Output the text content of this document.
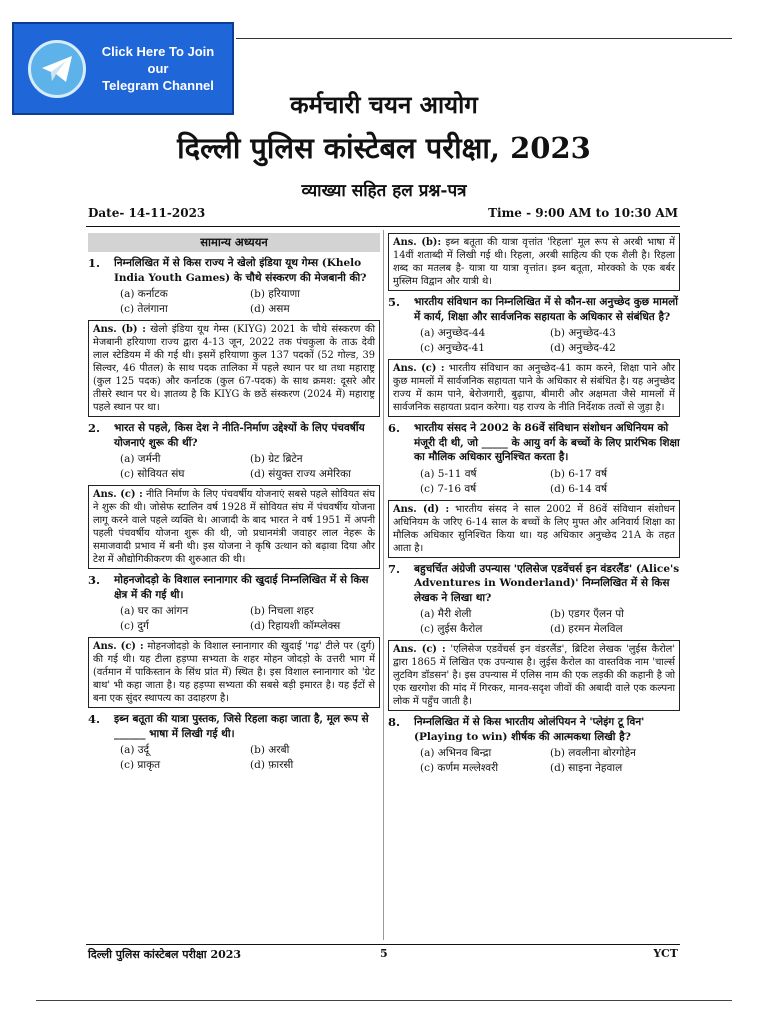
Click Here To Join our
Telegram Channel
कर्मचारी चयन आयोग
दिल्ली पुलिस कांस्टेबल परीक्षा, 2023
व्याख्या सहित हल प्रश्न-पत्र
Date- 14-11-2023	Time - 9:00 AM to 10:30 AM
सामान्य अध्ययन
1.	निम्नलिखित में से किस राज्य ने खेलो इंडिया यूथ गेम्स (Khelo India Youth Games) के चौथे संस्करण की मेजबानी की?
(a) कर्नाटक	(b) हरियाणा
(c) तेलंगाना	(d) असम
Ans. (b) : खेलो इंडिया यूथ गेम्स (KIYG) 2021 के चौथे संस्करण की मेजबानी हरियाणा राज्य द्वारा 4-13 जून, 2022 तक पंचकुला के ताऊ देवी लाल स्टेडियम में की गई थी। इसमें हरियाणा कुल 137 पदकों (52 गोल्ड, 39 सिल्वर, 46 पीतल) के साथ पदक तालिका में पहले स्थान पर था तथा महाराष्ट्र (कुल 125 पदक) और कर्नाटक (कुल 67-पदक) के साथ क्रमश: दूसरे और तीसरे स्थान पर थे। ज्ञातव्य है कि KIYG के छठें संस्करण (2024 में) महाराष्ट्र पहले स्थान पर था।
2.	भारत से पहले, किस देश ने नीति-निर्माण उद्देश्यों के लिए पंचवर्षीय योजनाएं शुरू की थीं?
(a) जर्मनी	(b) ग्रेट ब्रिटेन
(c) सोवियत संघ	(d) संयुक्त राज्य अमेरिका
Ans. (c) : नीति निर्माण के लिए पंचवर्षीय योजनाएं सबसे पहले सोवियत संघ ने शुरू की थी। जोसेफ स्टालिन वर्ष 1928 में सोवियत संघ में पंचवर्षीय योजना लागू करने वाले पहले व्यक्ति थे। आजादी के बाद भारत ने वर्ष 1951 में अपनी पहली पंचवर्षीय योजना शुरू की थी, जो प्रधानमंत्री जवाहर लाल नेहरू के समाजवादी प्रभाव में बनी थी। इस योजना ने कृषि उत्थान को बढ़ावा दिया और टेश में औद्योगिकीकरण की शुरुआत की थी।
3.	मोहनजोदड़ो के विशाल स्नानागार की खुदाई निम्नलिखित में से किस क्षेत्र में की गई थी।
(a) घर का आंगन	(b) निचला शहर
(c) दुर्ग	(d) रिहायशी कॉम्प्लेक्स
Ans. (c) : मोहनजोदड़ो के विशाल स्नानागार की खुदाई 'गढ़' टीले पर (दुर्ग) की गई थी। यह टीला हड़प्पा सभ्यता के शहर मोहन जोदड़ो के उत्तरी भाग में (वर्तमान में पाकिस्तान के सिंध प्रांत में) स्थित है। इस विशाल स्नानागार को 'ग्रेट बाथ' भी कहा जाता है। यह हड़प्पा सभ्यता की सबसे बड़ी इमारत है। यह ईंटों से बना एक सुंदर स्थापत्य का उदाहरण है।
4.	इब्न बतूता की यात्रा पुस्तक, जिसे रिहला कहा जाता है, मूल रूप से ______ भाषा में लिखी गई थी।
(a) उर्दू	(b) अरबी
(c) प्राकृत	(d) फ़ारसी
Ans. (b): इब्न बतूता की यात्रा वृत्तांत 'रिहला' मूल रूप से अरबी भाषा में 14वीं शताब्दी में लिखी गई थी। रिहला, अरबी साहित्य की एक शैली है। रिहला शब्द का मतलब है- यात्रा या यात्रा वृत्तांत। इब्न बतूता, मोरक्को के एक बर्बर मुस्लिम विद्वान और यात्री थे।
5.	भारतीय संविधान का निम्नलिखित में से कौन-सा अनुच्छेद कुछ मामलों में कार्य, शिक्षा और सार्वजनिक सहायता के अधिकार से संबंधित है?
(a) अनुच्छेद-44	(b) अनुच्छेद-43
(c) अनुच्छेद-41	(d) अनुच्छेद-42
Ans. (c) : भारतीय संविधान का अनुच्छेद-41 काम करने, शिक्षा पाने और कुछ मामलों में सार्वजनिक सहायता पाने के अधिकार से संबंधित है। यह अनुच्छेद राज्य में काम पाने, बेरोजगारी, बुढ़ापा, बीमारी और अक्षमता जैसे मामलों में सार्वजनिक सहायता प्रदान करेगा। यह राज्य के नीति निर्देशक तत्वों से जुड़ा है।
6.	भारतीय संसद ने 2002 के 86वें संविधान संशोधन अधिनियम को मंजूरी दी थी, जो _____ के आयु वर्ग के बच्चों के लिए प्रारंभिक शिक्षा का मौलिक अधिकार सुनिश्चित करता है।
(a) 5-11 वर्ष	(b) 6-17 वर्ष
(c) 7-16 वर्ष	(d) 6-14 वर्ष
Ans. (d) : भारतीय संसद ने साल 2002 में 86वें संविधान संशोधन अधिनियम के जरिए 6-14 साल के बच्चों के लिए मुफ्त और अनिवार्य शिक्षा का मौलिक अधिकार सुनिश्चित किया था। यह अधिकार अनुच्छेद 21A के तहत आता है।
7.	बहुचर्चित अंग्रेजी उपन्यास 'एलिसेज एडवेंचर्स इन वंडरलैंड' (Alice's Adventures in Wonderland)' निम्नलिखित में से किस लेखक ने लिखा था?
(a) मैरी शेली	(b) एडगर एँलन पो
(c) लुईस कैरोल	(d) हरमन मेलविल
Ans. (c) : 'एलिसेज एडवेंचर्स इन वंडरलैंड', ब्रिटिश लेखक 'लुईस कैरोल' द्वारा 1865 में लिखित एक उपन्यास है। लुईस कैरोल का वास्तविक नाम 'चार्ल्स लुटविग डॉडसन' है। इस उपन्यास में एलिस नाम की एक लड़की की कहानी है जो एक खरगोश की मांद में गिरकर, मानव-सदृश जीवों की अबादी वाले एक कल्पना लोक में पहुँच जाती है।
8.	निम्नलिखित में से किस भारतीय ओलंपियन ने 'प्लेइंग टू विन' (Playing to win) शीर्षक की आत्मकथा लिखी है?
(a) अभिनव बिन्द्रा	(b) लवलीना बोरगोहेन
(c) कर्णम मल्लेश्वरी	(d) साइना नेहवाल
दिल्ली पुलिस कांस्टेबल परीक्षा 2023	5	YCT
